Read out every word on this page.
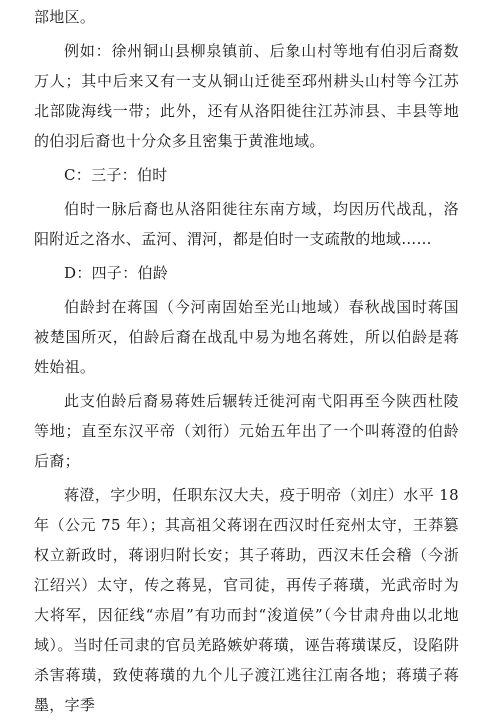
部地区。

例如：徐州铜山县柳泉镇前、后象山村等地有伯羽后裔数万人；其中后来又有一支从铜山迁徙至邳州耕头山村等今江苏北部陇海线一带；此外，还有从洛阳徙往江苏沛县、丰县等地的伯羽后裔也十分众多且密集于黄淮地域。

C：三子：伯时

伯时一脉后裔也从洛阳徙往东南方域，均因历代战乱，洛阳附近之洛水、孟河、渭河，都是伯时一支疏散的地域……

D：四子：伯龄

伯龄封在蒋国（今河南固始至光山地域）春秋战国时蒋国被楚国所灭，伯龄后裔在战乱中易为地名蒋姓，所以伯龄是蒋姓始祖。

此支伯龄后裔易蒋姓后辗转迁徙河南弋阳再至今陕西杜陵等地；直至东汉平帝（刘衎）元始五年出了一个叫蒋澄的伯龄后裔；

蒋澄，字少明，任职东汉大夫，疫于明帝（刘庄）水平 18 年（公元 75 年）；其高祖父蒋诩在西汉时任兖州太守，王莽篡权立新政时，蒋诩归附长安；其子蒋助，西汉末任会稽（今浙江绍兴）太守，传之蒋晃，官司徒，再传子蒋璜，光武帝时为大将军，因征线“赤眉”有功而封“浚道侯”（今甘肃舟曲以北地域）。当时任司隶的官员羌路嫉妒蒋璜，诬告蒋璜谋反，设陷阱杀害蒋璜，致使蒋璜的九个儿子渡江逃往江南各地；蒋璜子蒋墨，字季
